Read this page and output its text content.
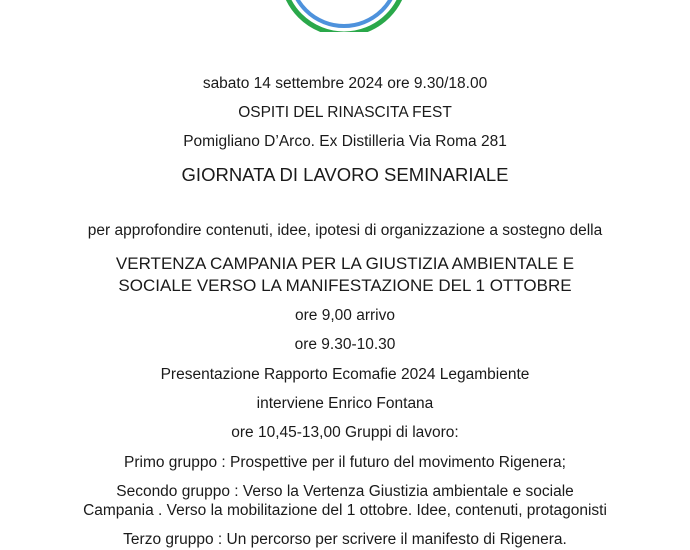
sabato 14 settembre 2024 ore 9.30/18.00
OSPITI DEL RINASCITA FEST
Pomigliano D’Arco. Ex Distilleria Via Roma 281
GIORNATA DI LAVORO SEMINARIALE
per approfondire contenuti, idee, ipotesi di organizzazione a sostegno della
VERTENZA CAMPANIA PER LA GIUSTIZIA AMBIENTALE E
SOCIALE VERSO LA MANIFESTAZIONE DEL 1 OTTOBRE
ore 9,00 arrivo
ore 9.30-10.30
Presentazione Rapporto Ecomafie 2024 Legambiente
interviene Enrico Fontana
ore 10,45-13,00 Gruppi di lavoro:
Primo gruppo : Prospettive per il futuro del movimento Rigenera;
Secondo gruppo : Verso la Vertenza Giustizia ambientale e sociale
Campania . Verso la mobilitazione del 1 ottobre. Idee, contenuti, protagonisti
Terzo gruppo : Un percorso per scrivere il manifesto di Rigenera.
